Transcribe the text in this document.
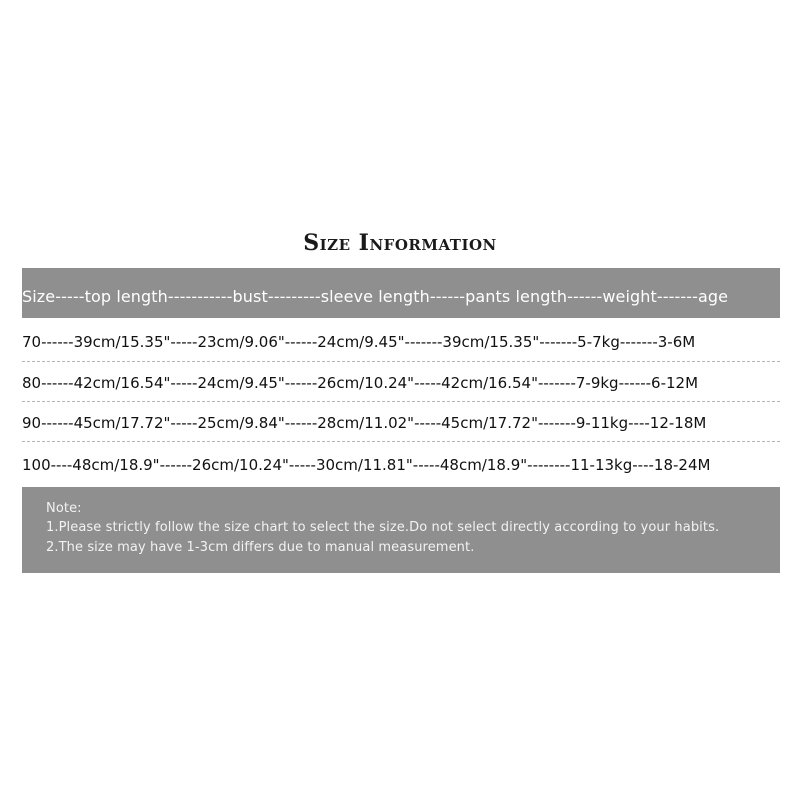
Size Information
Size-----top length-----------bust---------sleeve length------pants length------weight-------age
70------39cm/15.35"-----23cm/9.06"------24cm/9.45"-------39cm/15.35"-------5-7kg-------3-6M
80------42cm/16.54"-----24cm/9.45"------26cm/10.24"-----42cm/16.54"-------7-9kg------6-12M
90------45cm/17.72"-----25cm/9.84"------28cm/11.02"-----45cm/17.72"-------9-11kg----12-18M
100----48cm/18.9"------26cm/10.24"-----30cm/11.81"-----48cm/18.9"--------11-13kg----18-24M
Note:
1.Please strictly follow the size chart to select the size.Do not select directly according to your habits.
2.The size may have 1-3cm differs due to manual measurement.
